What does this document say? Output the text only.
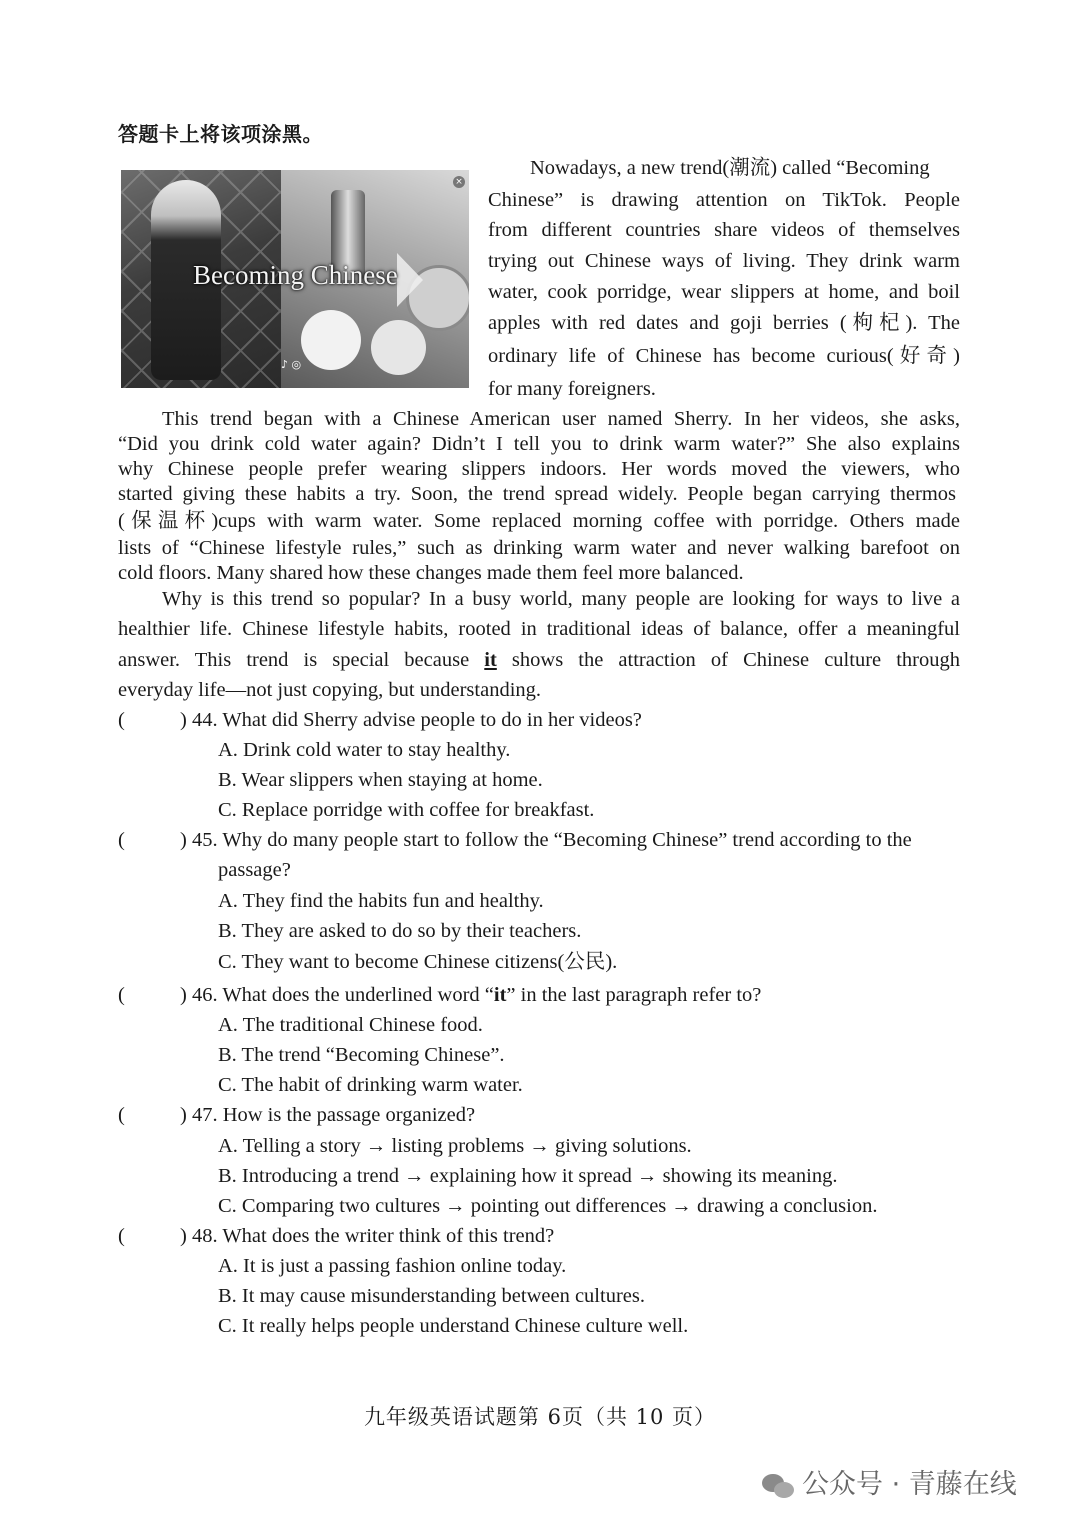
答题卡上将该项涂黑。
Becoming Chinese
♪ ◎
×
Nowadays, a new trend(潮流) called “Becoming
Chinese” is drawing attention on TikTok. People
from different countries share videos of themselves
trying out Chinese ways of living. They drink warm
water, cook porridge, wear slippers at home, and boil
apples with red dates and goji berries (枸杞). The
ordinary life of Chinese has become curious(好奇)
for many foreigners.
This trend began with a Chinese American user named Sherry. In her videos, she asks,
“Did you drink cold water again? Didn’t I tell you to drink warm water?” She also explains
why Chinese people prefer wearing slippers indoors. Her words moved the viewers, who
started giving these habits a try. Soon, the trend spread widely. People began carrying thermos
(保温杯)cups with warm water. Some replaced morning coffee with porridge. Others made
lists of “Chinese lifestyle rules,” such as drinking warm water and never walking barefoot on
cold floors. Many shared how these changes made them feel more balanced.
Why is this trend so popular? In a busy world, many people are looking for ways to live a
healthier life. Chinese lifestyle habits, rooted in traditional ideas of balance, offer a meaningful
answer. This trend is special because it shows the attraction of Chinese culture through
everyday life—not just copying, but understanding.
(	) 44. What did Sherry advise people to do in her videos?
A. Drink cold water to stay healthy.
B. Wear slippers when staying at home.
C. Replace porridge with coffee for breakfast.
(	) 45. Why do many people start to follow the “Becoming Chinese” trend according to the
passage?
A. They find the habits fun and healthy.
B. They are asked to do so by their teachers.
C. They want to become Chinese citizens(公民).
(	) 46. What does the underlined word “it” in the last paragraph refer to?
A. The traditional Chinese food.
B. The trend “Becoming Chinese”.
C. The habit of drinking warm water.
(	) 47. How is the passage organized?
A. Telling a story → listing problems → giving solutions.
B. Introducing a trend → explaining how it spread → showing its meaning.
C. Comparing two cultures → pointing out differences → drawing a conclusion.
(	) 48. What does the writer think of this trend?
A. It is just a passing fashion online today.
B. It may cause misunderstanding between cultures.
C. It really helps people understand Chinese culture well.
九年级英语试题第 6页（共 10 页）
公众号 · 青藤在线
